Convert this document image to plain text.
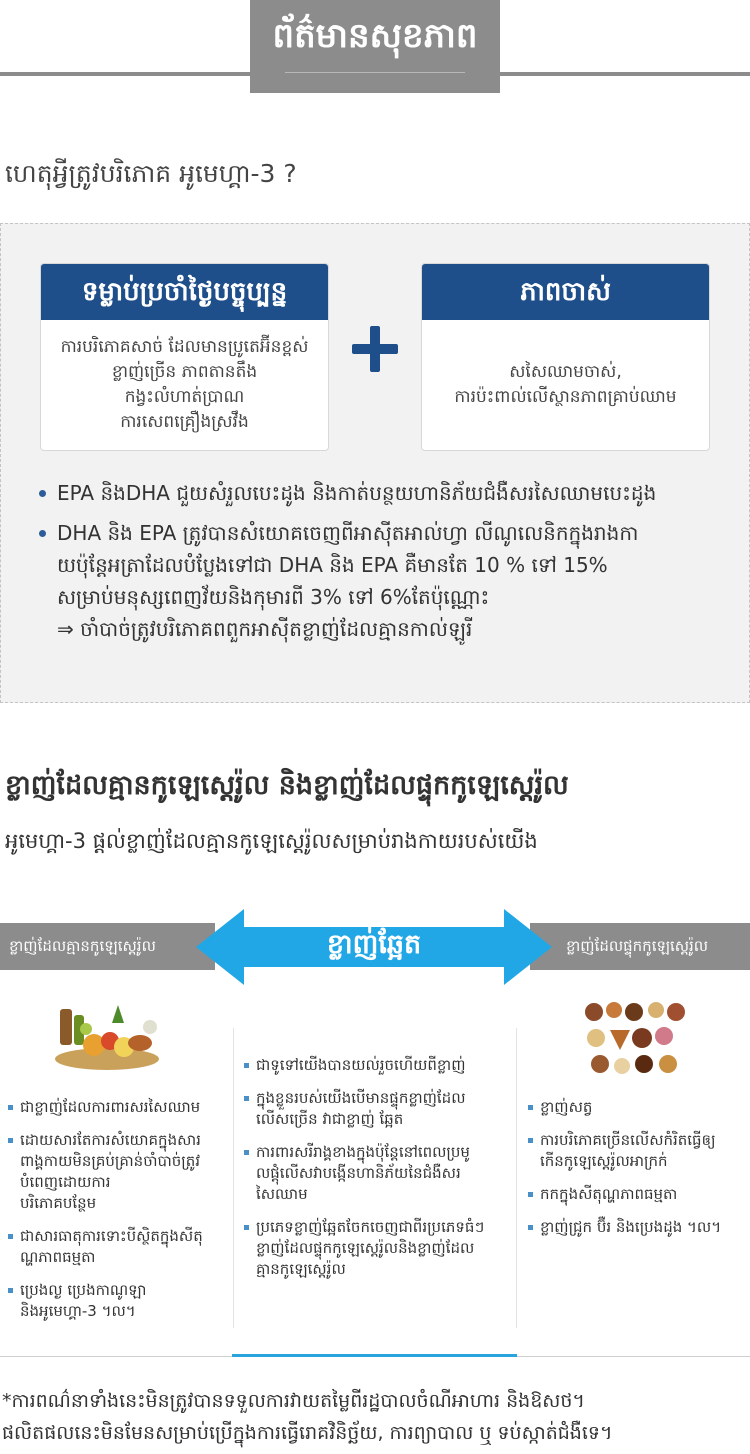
ព័ត៌មានសុខភាព
ហេតុអ្វីត្រូវបរិភោគ អូមេហ្គា-3 ?
ទម្លាប់ប្រចាំថ្ងៃបច្ចុប្បន្ន
ការបរិភោគសាច់ ដែលមានប្រូតេអ៊ីនខ្ពស់
ខ្លាញ់ច្រើន ភាពតានតឹង
កង្វះលំហាត់ប្រាណ
ការសេពគ្រឿងស្រវឹង
ភាពចាស់
សសៃឈាមចាស់,
ការប៉ះពាល់លើស្ថានភាពគ្រាប់ឈាម
EPA និងDHA ជួយសំរួលបេះដូង និងកាត់បន្ថយហានិភ័យជំងឺសរសៃឈាមបេះដូង
DHA និង EPA ត្រូវបានសំយោគចេញពីអាស៊ីតអាល់ហ្វា លីណូលេនិកក្នុងរាងកា
យប៉ុន្តែអត្រាដែលបំប្លែងទៅជា DHA និង EPA គឺមានតែ 10 % ទៅ 15%
សម្រាប់មនុស្សពេញវ័យនិងកុមារពី 3% ទៅ 6%តែប៉ុណ្ណោះ
⇒ ចាំបាច់ត្រូវបរិភោគពពួកអាស៊ីតខ្លាញ់ដែលគ្មានកាល់ឡូរី
ខ្លាញ់ដែលគ្មានកូឡេស្តេរ៉ូល និងខ្លាញ់ដែលផ្ទុកកូឡេស្តេរ៉ូល
អូមេហ្គា-3 ផ្តល់ខ្លាញ់ដែលគ្មានកូឡេស្តេរ៉ូលសម្រាប់រាងកាយរបស់យើង
ខ្លាញ់ដែលគ្មានកូឡេស្តេរ៉ូល	ខ្លាញ់ដែលផ្ទុកកូឡេស្តេរ៉ូល
ខ្លាញ់ឆ្អែត
ជាខ្លាញ់ដែលការពារសរសៃឈាម
ដោយសារតែការសំយោគក្នុងសារ
ពាង្គកាយមិនគ្រប់គ្រាន់ចាំបាច់ត្រូវ
បំពេញដោយការ
បរិភោគបន្ថែម
ជាសារធាតុការទោះបីស្ថិតក្នុងសីតុ
ណ្ហភាពធម្មតា
ប្រេងល្ង ប្រេងកាណូឡា
និងអូមេហ្គា-3 ។ល។
ជាទូទៅយើងបានយល់រួចហើយពីខ្លាញ់
ក្នុងខ្លួនរបស់យើងបើមានផ្ទុកខ្លាញ់ដែល
លើសច្រើន វាជាខ្លាញ់ ឆ្អែត
ការពារសរីរាង្គខាងក្នុងប៉ុន្តែនៅពេលប្រមូ
លផ្តុំលើសវាបង្កើនហានិភ័យនៃជំងឺសរ
សៃឈាម
ប្រភេទខ្លាញ់ឆ្អែតចែកចេញជាពីរប្រភេទធំៗ
ខ្លាញ់ដែលផ្ទុកកូឡេស្តេរ៉ូលនិងខ្លាញ់ដែល
គ្មានកូឡេស្តេរ៉ូល
ខ្លាញ់សត្វ
ការបរិភោគច្រើនលើសកំរិតធ្វើឲ្យ
កើនកូឡេស្តេរ៉ូលអាក្រក់
កកក្នុងសីតុណ្ហភាពធម្មតា
ខ្លាញ់ជ្រូក ប៊ឺរ និងប្រេងដូង ។ល។
*ការពណ៌នាទាំងនេះមិនត្រូវបានទទួលការវាយតម្លៃពីរដ្ឋបាលចំណីអាហារ និងឱសថ។
ផលិតផលនេះមិនមែនសម្រាប់ប្រើក្នុងការធ្វើរោគវិនិច្ឆ័យ, ការព្យាបាល ឬ ទប់ស្កាត់ជំងឺទេ។
